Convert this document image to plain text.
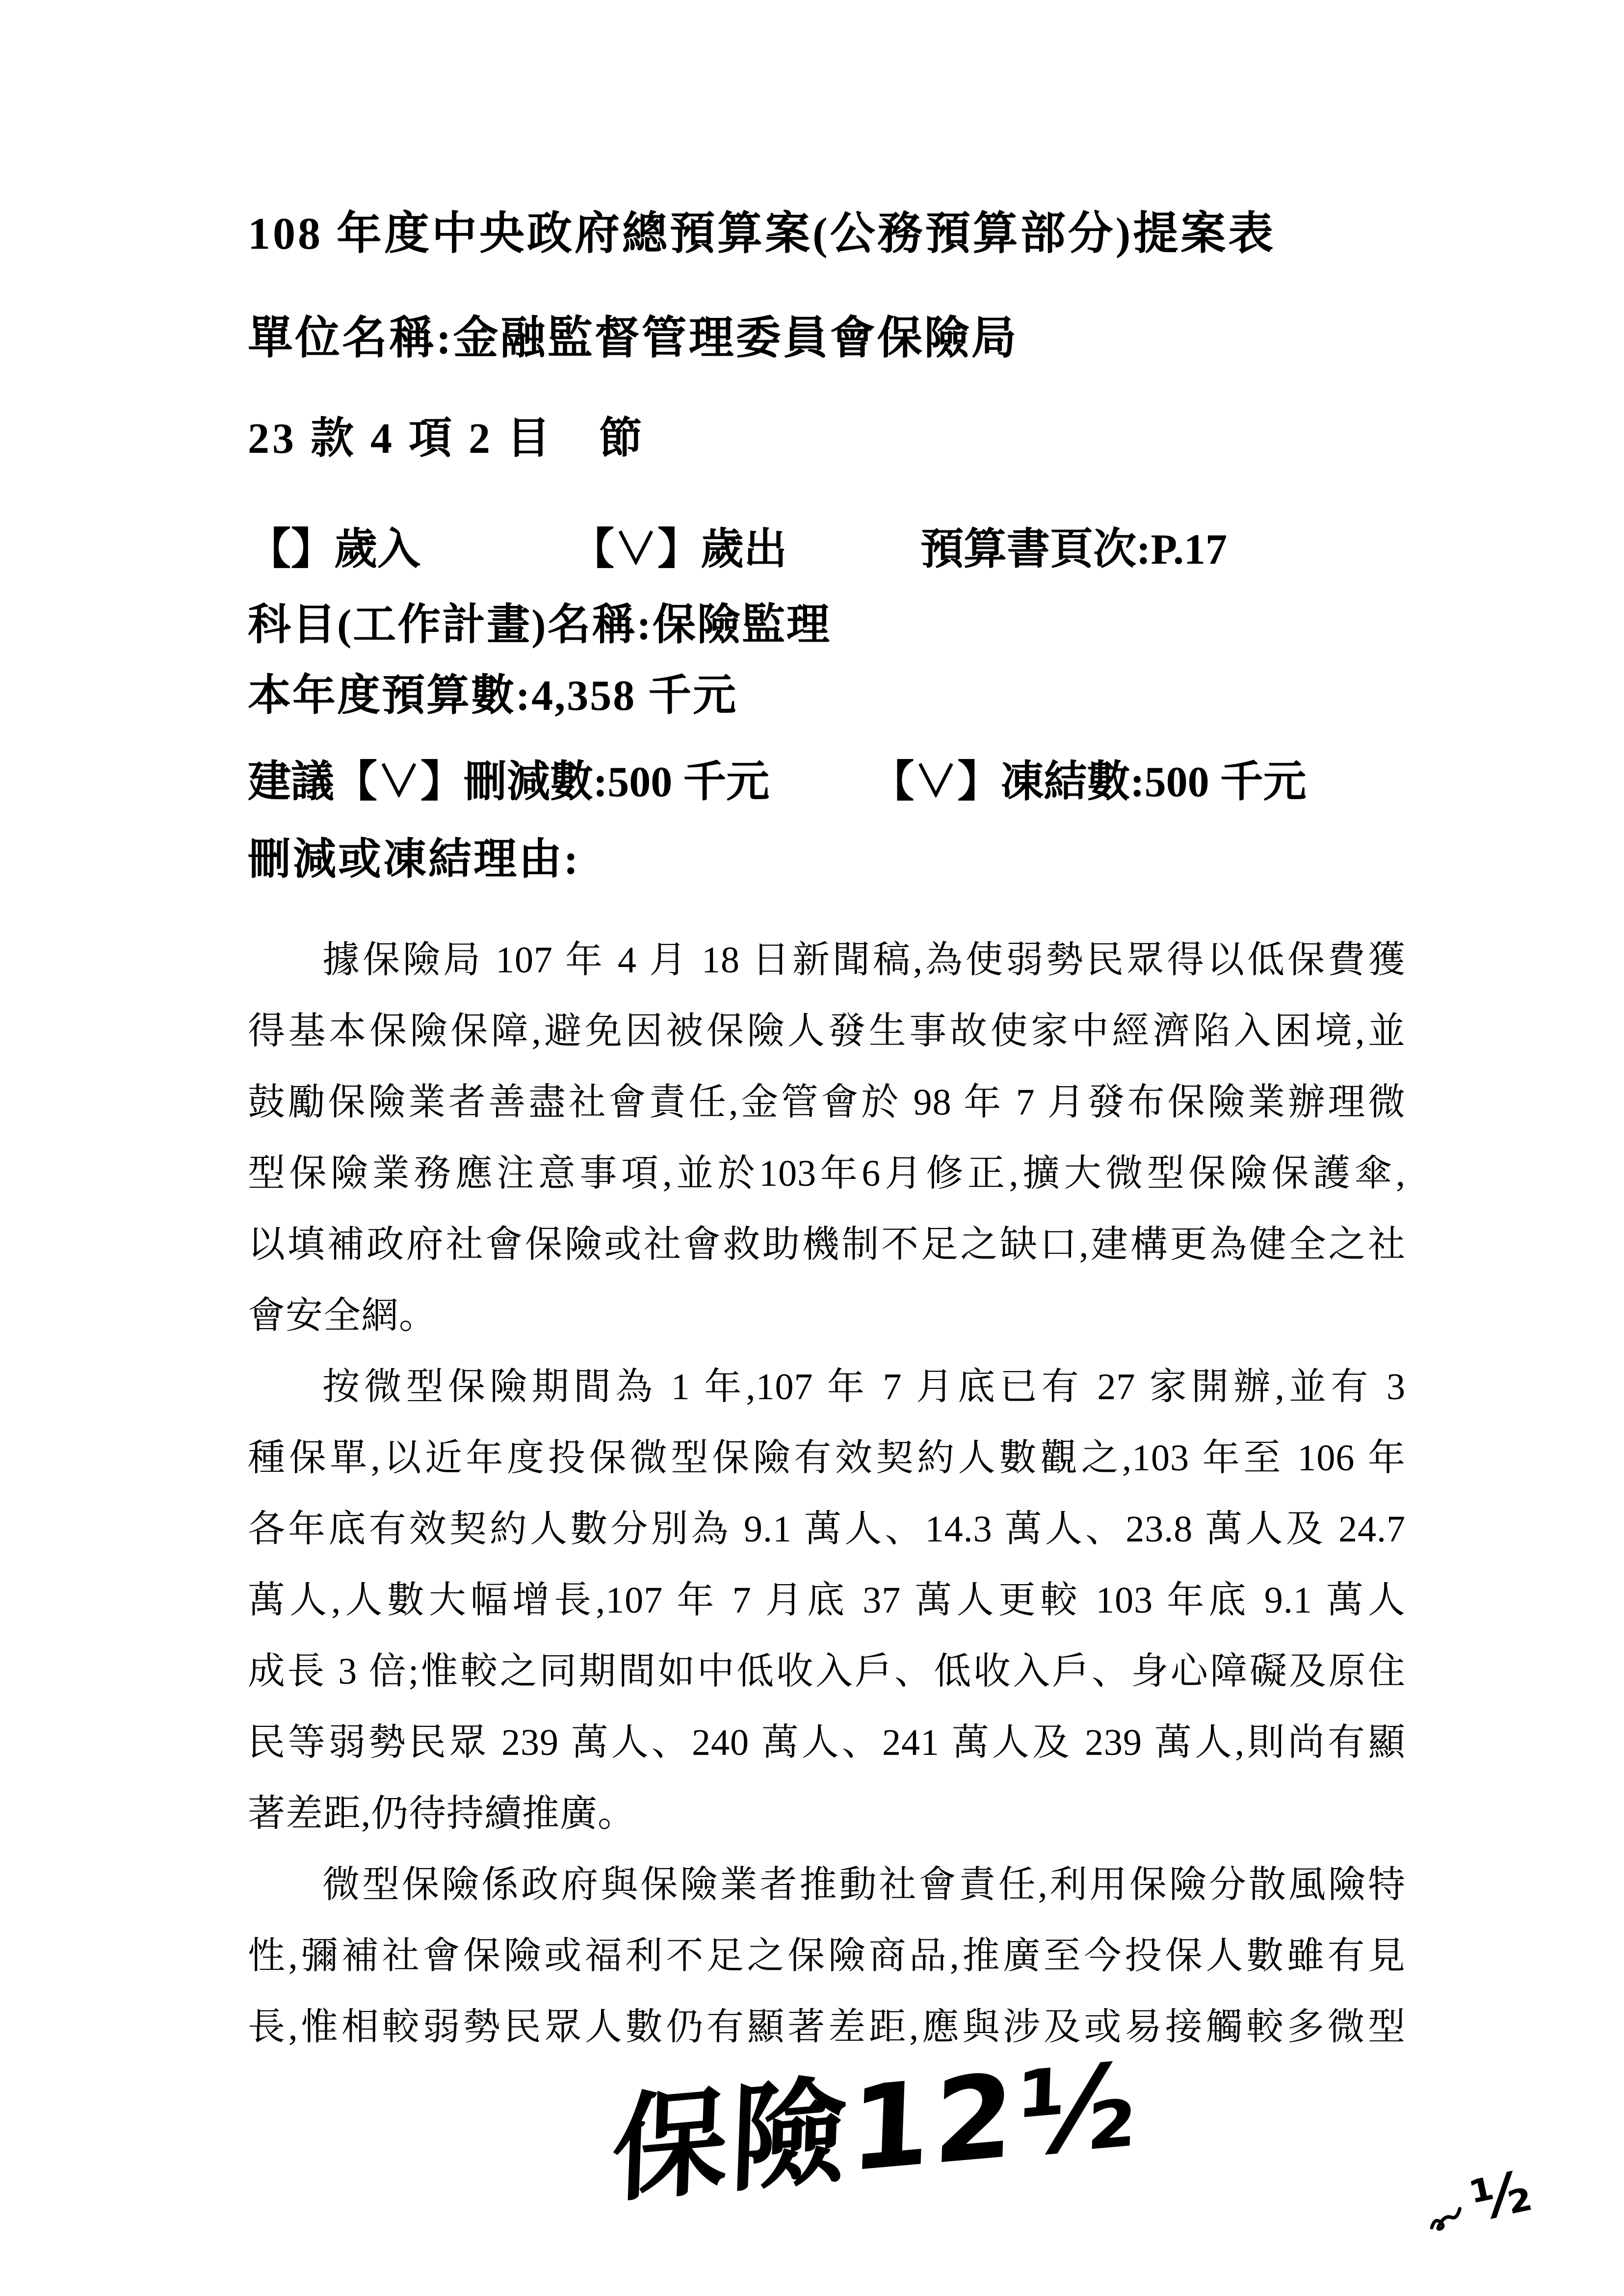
108 年度中央政府總預算案(公務預算部分)提案表
單位名稱:金融監督管理委員會保險局
23 款 4 項 2 目　節
【】歲入	【∨】歲出	預算書頁次:P.17
科目(工作計畫)名稱:保險監理
本年度預算數:4,358 千元
建議【∨】刪減數:500 千元 【∨】凍結數:500 千元
刪減或凍結理由:
據保險局 107 年 4 月 18 日新聞稿,為使弱勢民眾得以低保費獲
得基本保險保障,避免因被保險人發生事故使家中經濟陷入困境,並
鼓勵保險業者善盡社會責任,金管會於 98 年 7 月發布保險業辦理微
型保險業務應注意事項,並於103年6月修正,擴大微型保險保護傘,
以填補政府社會保險或社會救助機制不足之缺口,建構更為健全之社
會安全網。
按微型保險期間為 1 年,107 年 7 月底已有 27 家開辦,並有 3
種保單,以近年度投保微型保險有效契約人數觀之,103 年至 106 年
各年底有效契約人數分別為 9.1 萬人、14.3 萬人、23.8 萬人及 24.7
萬人,人數大幅增長,107 年 7 月底 37 萬人更較 103 年底 9.1 萬人
成長 3 倍;惟較之同期間如中低收入戶、低收入戶、身心障礙及原住
民等弱勢民眾 239 萬人、240 萬人、241 萬人及 239 萬人,則尚有顯
著差距,仍待持續推廣。
微型保險係政府與保險業者推動社會責任,利用保險分散風險特
性,彌補社會保險或福利不足之保險商品,推廣至今投保人數雖有見
長,惟相較弱勢民眾人數仍有顯著差距,應與涉及或易接觸較多微型
保險12½	½
